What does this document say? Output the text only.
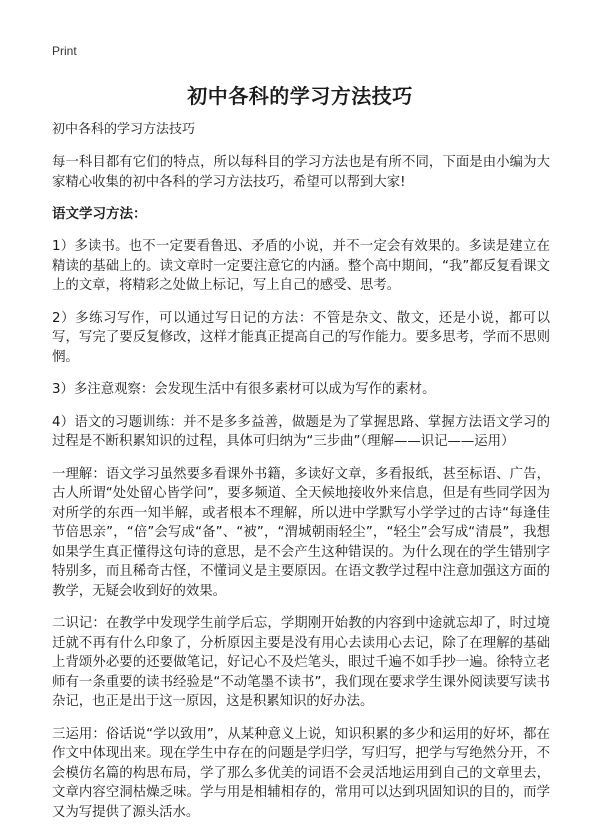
Print
初中各科的学习方法技巧

初中各科的学习方法技巧

每一科目都有它们的特点，所以每科目的学习方法也是有所不同，下面是由小编为大家精心收集的初中各科的学习方法技巧，希望可以帮到大家!

语文学习方法：

1）多读书。也不一定要看鲁迅、矛盾的小说，并不一定会有效果的。多读是建立在精读的基础上的。读文章时一定要注意它的内涵。整个高中期间，“我”都反复看课文上的文章，将精彩之处做上标记，写上自己的感受、思考。

2）多练习写作，可以通过写日记的方法：不管是杂文、散文，还是小说，都可以写，写完了要反复修改，这样才能真正提高自己的写作能力。要多思考，学而不思则惘。

3）多注意观察：会发现生活中有很多素材可以成为写作的素材。

4）语文的习题训练：并不是多多益善，做题是为了掌握思路、掌握方法语文学习的过程是不断积累知识的过程，具体可归纳为“三步曲”（理解——识记——运用）

一理解：语文学习虽然要多看课外书籍，多读好文章，多看报纸，甚至标语、广告，古人所谓“处处留心皆学问”，要多频道、全天候地接收外来信息，但是有些同学因为对所学的东西一知半解，或者根本不理解，所以进中学默写小学学过的古诗“每逢佳节倍思亲”，“倍”会写成“备”、“被”，“渭城朝雨轻尘”，“轻尘”会写成“清晨”，我想如果学生真正懂得这句诗的意思，是不会产生这种错误的。为什么现在的学生错别字特别多，而且稀奇古怪，不懂词义是主要原因。在语文教学过程中注意加强这方面的教学，无疑会收到好的效果。

二识记：在教学中发现学生前学后忘，学期刚开始教的内容到中途就忘却了，时过境迁就不再有什么印象了，分析原因主要是没有用心去读用心去记，除了在理解的基础上背颂外必要的还要做笔记，好记心不及烂笔头，眼过千遍不如手抄一遍。徐特立老师有一条重要的读书经验是“不动笔墨不读书”，我们现在要求学生课外阅读要写读书杂记，也正是出于这一原因，这是积累知识的好办法。

三运用：俗话说“学以致用”，从某种意义上说，知识积累的多少和运用的好坏，都在作文中体现出来。现在学生中存在的问题是学归学，写归写，把学与写绝然分开，不会模仿名篇的构思布局，学了那么多优美的词语不会灵活地运用到自己的文章里去，文章内容空洞枯燥乏味。学与用是相辅相存的，常用可以达到巩固知识的目的，而学又为写提供了源头活水。
